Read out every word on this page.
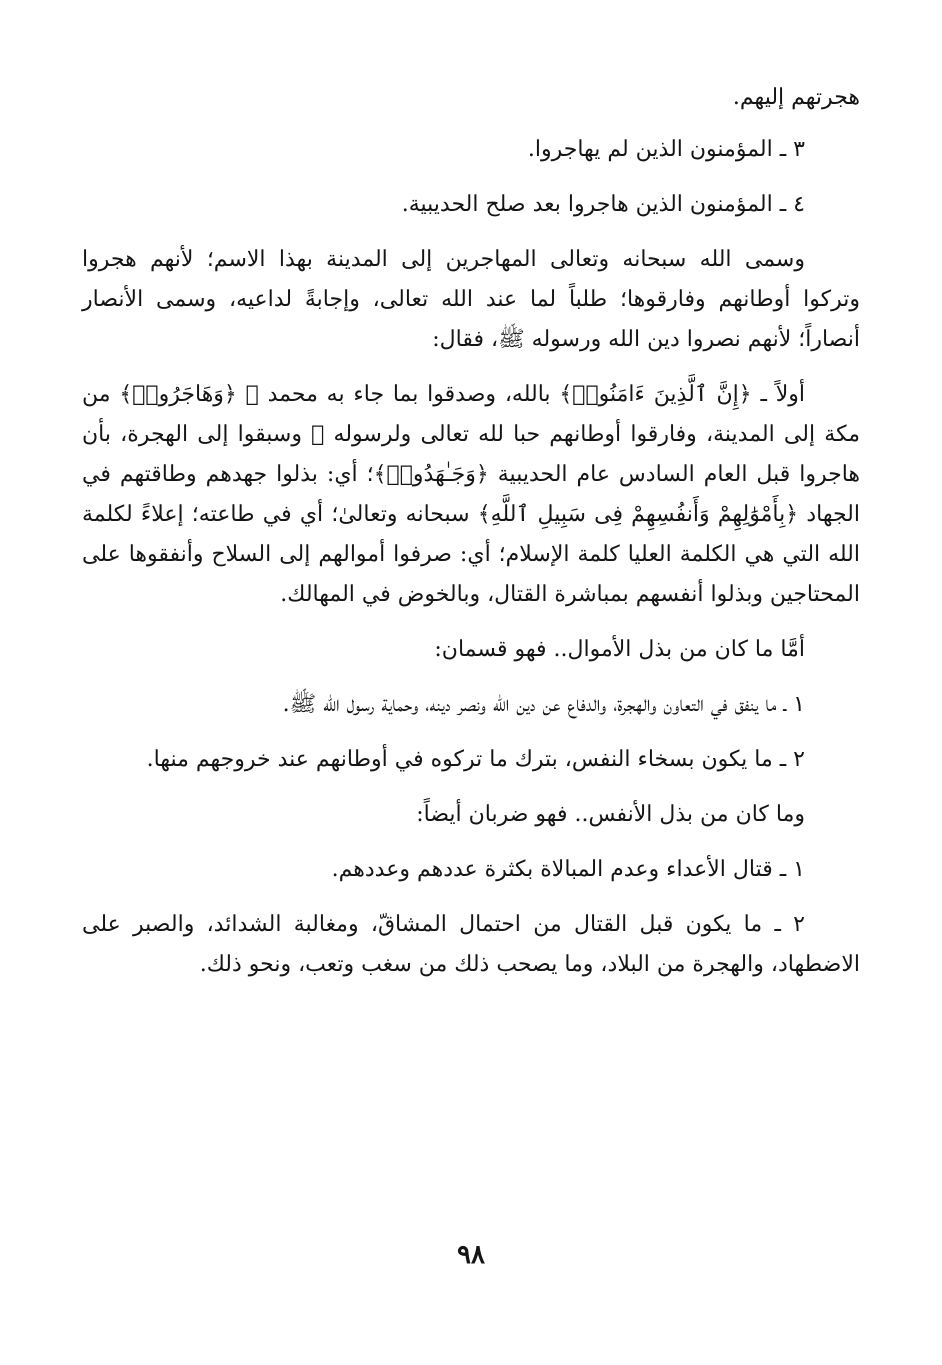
هجرتهم إليهم.

٣ ـ المؤمنون الذين لم يهاجروا.

٤ ـ المؤمنون الذين هاجروا بعد صلح الحديبية.

وسمى الله سبحانه وتعالى المهاجرين إلى المدينة بهذا الاسم؛ لأنهم هجروا وتركوا أوطانهم وفارقوها؛ طلباً لما عند الله تعالى، وإجابةً لداعيه، وسمى الأنصار أنصاراً؛ لأنهم نصروا دين الله ورسوله ﷺ، فقال:

أولاً ـ ﴿إِنَّ ٱلَّذِينَ ءَامَنُوا۟﴾ بالله، وصدقوا بما جاء به محمد ﷺ ﴿وَهَاجَرُوا۟﴾ من مكة إلى المدينة، وفارقوا أوطانهم حبا لله تعالى ولرسوله ﷺ وسبقوا إلى الهجرة، بأن هاجروا قبل العام السادس عام الحديبية ﴿وَجَـٰهَدُوا۟﴾؛ أي: بذلوا جهدهم وطاقتهم في الجهاد ﴿بِأَمْوَٰلِهِمْ وَأَنفُسِهِمْ فِى سَبِيلِ ٱللَّهِ﴾ سبحانه وتعالىٰ؛ أي في طاعته؛ إعلاءً لكلمة الله التي هي الكلمة العليا كلمة الإسلام؛ أي: صرفوا أموالهم إلى السلاح وأنفقوها على المحتاجين وبذلوا أنفسهم بمباشرة القتال، وبالخوض في المهالك.

أمَّا ما كان من بذل الأموال.. فهو قسمان:

١ ـ ما ينفق في التعاون والهجرة، والدفاع عن دين الله ونصر دينه، وحماية رسول الله ﷺ.

٢ ـ ما يكون بسخاء النفس، بترك ما تركوه في أوطانهم عند خروجهم منها.

وما كان من بذل الأنفس.. فهو ضربان أيضاً:

١ ـ قتال الأعداء وعدم المبالاة بكثرة عددهم وعددهم.

٢ ـ ما يكون قبل القتال من احتمال المشاقّ، ومغالبة الشدائد، والصبر على الاضطهاد، والهجرة من البلاد، وما يصحب ذلك من سغب وتعب، ونحو ذلك.

٩٨
